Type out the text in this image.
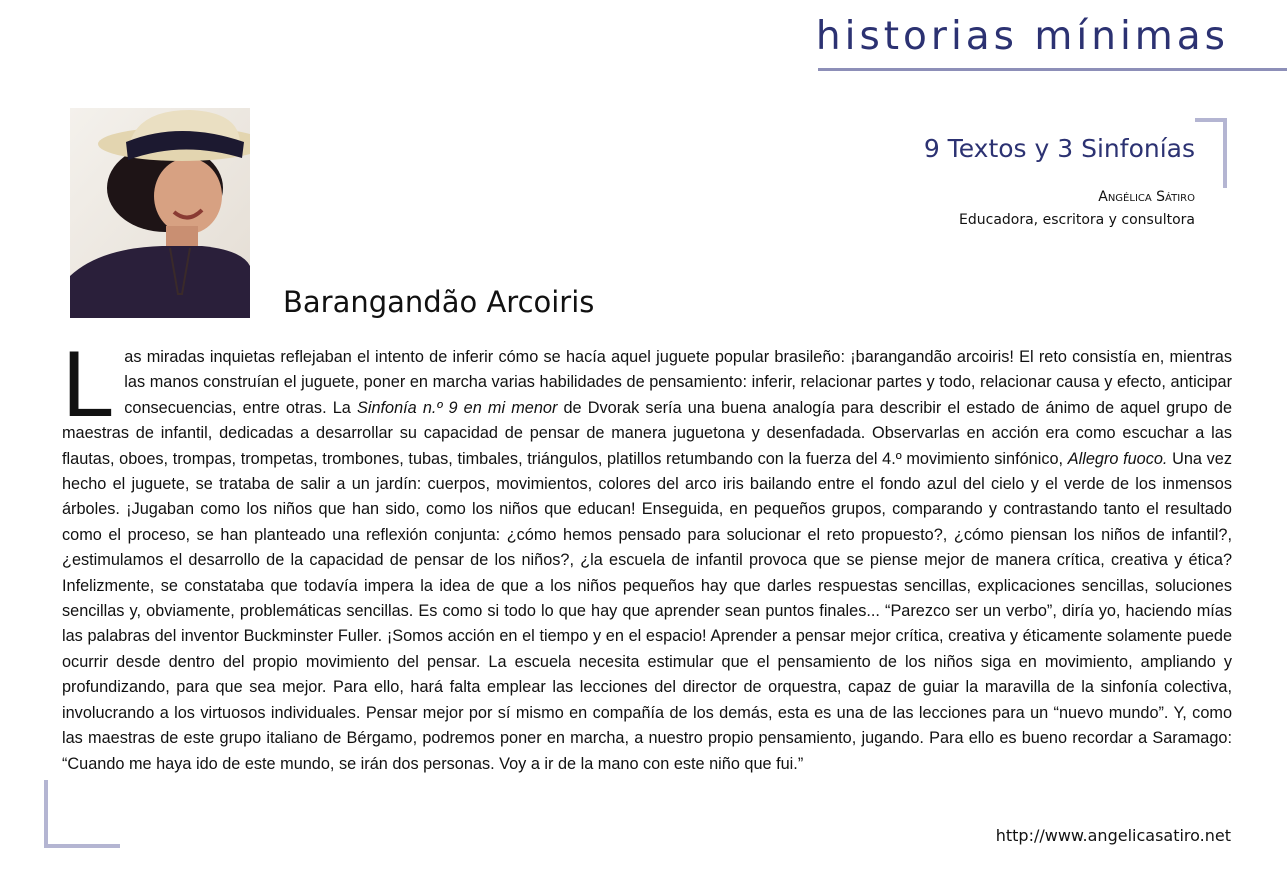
historias mínimas
9 Textos y 3 Sinfonías
Angélica Sátiro
Educadora, escritora y consultora
Barangandão Arcoiris

Las miradas inquietas reflejaban el intento de inferir cómo se hacía aquel juguete popular brasileño: ¡barangandão arcoiris! El reto consistía en, mientras las manos construían el juguete, poner en marcha varias habilidades de pensamiento: inferir, relacionar partes y todo, relacionar causa y efecto, anticipar consecuencias, entre otras. La Sinfonía n.º 9 en mi menor de Dvorak sería una buena analogía para describir el estado de ánimo de aquel grupo de maestras de infantil, dedicadas a desarrollar su capacidad de pensar de manera juguetona y desenfadada. Observarlas en acción era como escuchar a las flautas, oboes, trompas, trompetas, trombones, tubas, timbales, triángulos, platillos retumbando con la fuerza del 4.º movimiento sinfónico, Allegro fuoco. Una vez hecho el juguete, se trataba de salir a un jardín: cuerpos, movimientos, colores del arco iris bailando entre el fondo azul del cielo y el verde de los inmensos árboles. ¡Jugaban como los niños que han sido, como los niños que educan! Enseguida, en pequeños grupos, comparando y contrastando tanto el resultado como el proceso, se han planteado una reflexión conjunta: ¿cómo hemos pensado para solucionar el reto propuesto?, ¿cómo piensan los niños de infantil?, ¿estimulamos el desarrollo de la capacidad de pensar de los niños?, ¿la escuela de infantil provoca que se piense mejor de manera crítica, creativa y ética? Infelizmente, se constataba que todavía impera la idea de que a los niños pequeños hay que darles respuestas sencillas, explicaciones sencillas, soluciones sencillas y, obviamente, problemáticas sencillas. Es como si todo lo que hay que aprender sean puntos finales... “Parezco ser un verbo”, diría yo, haciendo mías las palabras del inventor Buckminster Fuller. ¡Somos acción en el tiempo y en el espacio! Aprender a pensar mejor crítica, creativa y éticamente solamente puede ocurrir desde dentro del propio movimiento del pensar. La escuela necesita estimular que el pensamiento de los niños siga en movimiento, ampliando y profundizando, para que sea mejor. Para ello, hará falta emplear las lecciones del director de orquestra, capaz de guiar la maravilla de la sinfonía colectiva, involucrando a los virtuosos individuales. Pensar mejor por sí mismo en compañía de los demás, esta es una de las lecciones para un “nuevo mundo”. Y, como las maestras de este grupo italiano de Bérgamo, podremos poner en marcha, a nuestro propio pensamiento, jugando. Para ello es bueno recordar a Saramago: “Cuando me haya ido de este mundo, se irán dos personas. Voy a ir de la mano con este niño que fui.”

http://www.angelicasatiro.net
